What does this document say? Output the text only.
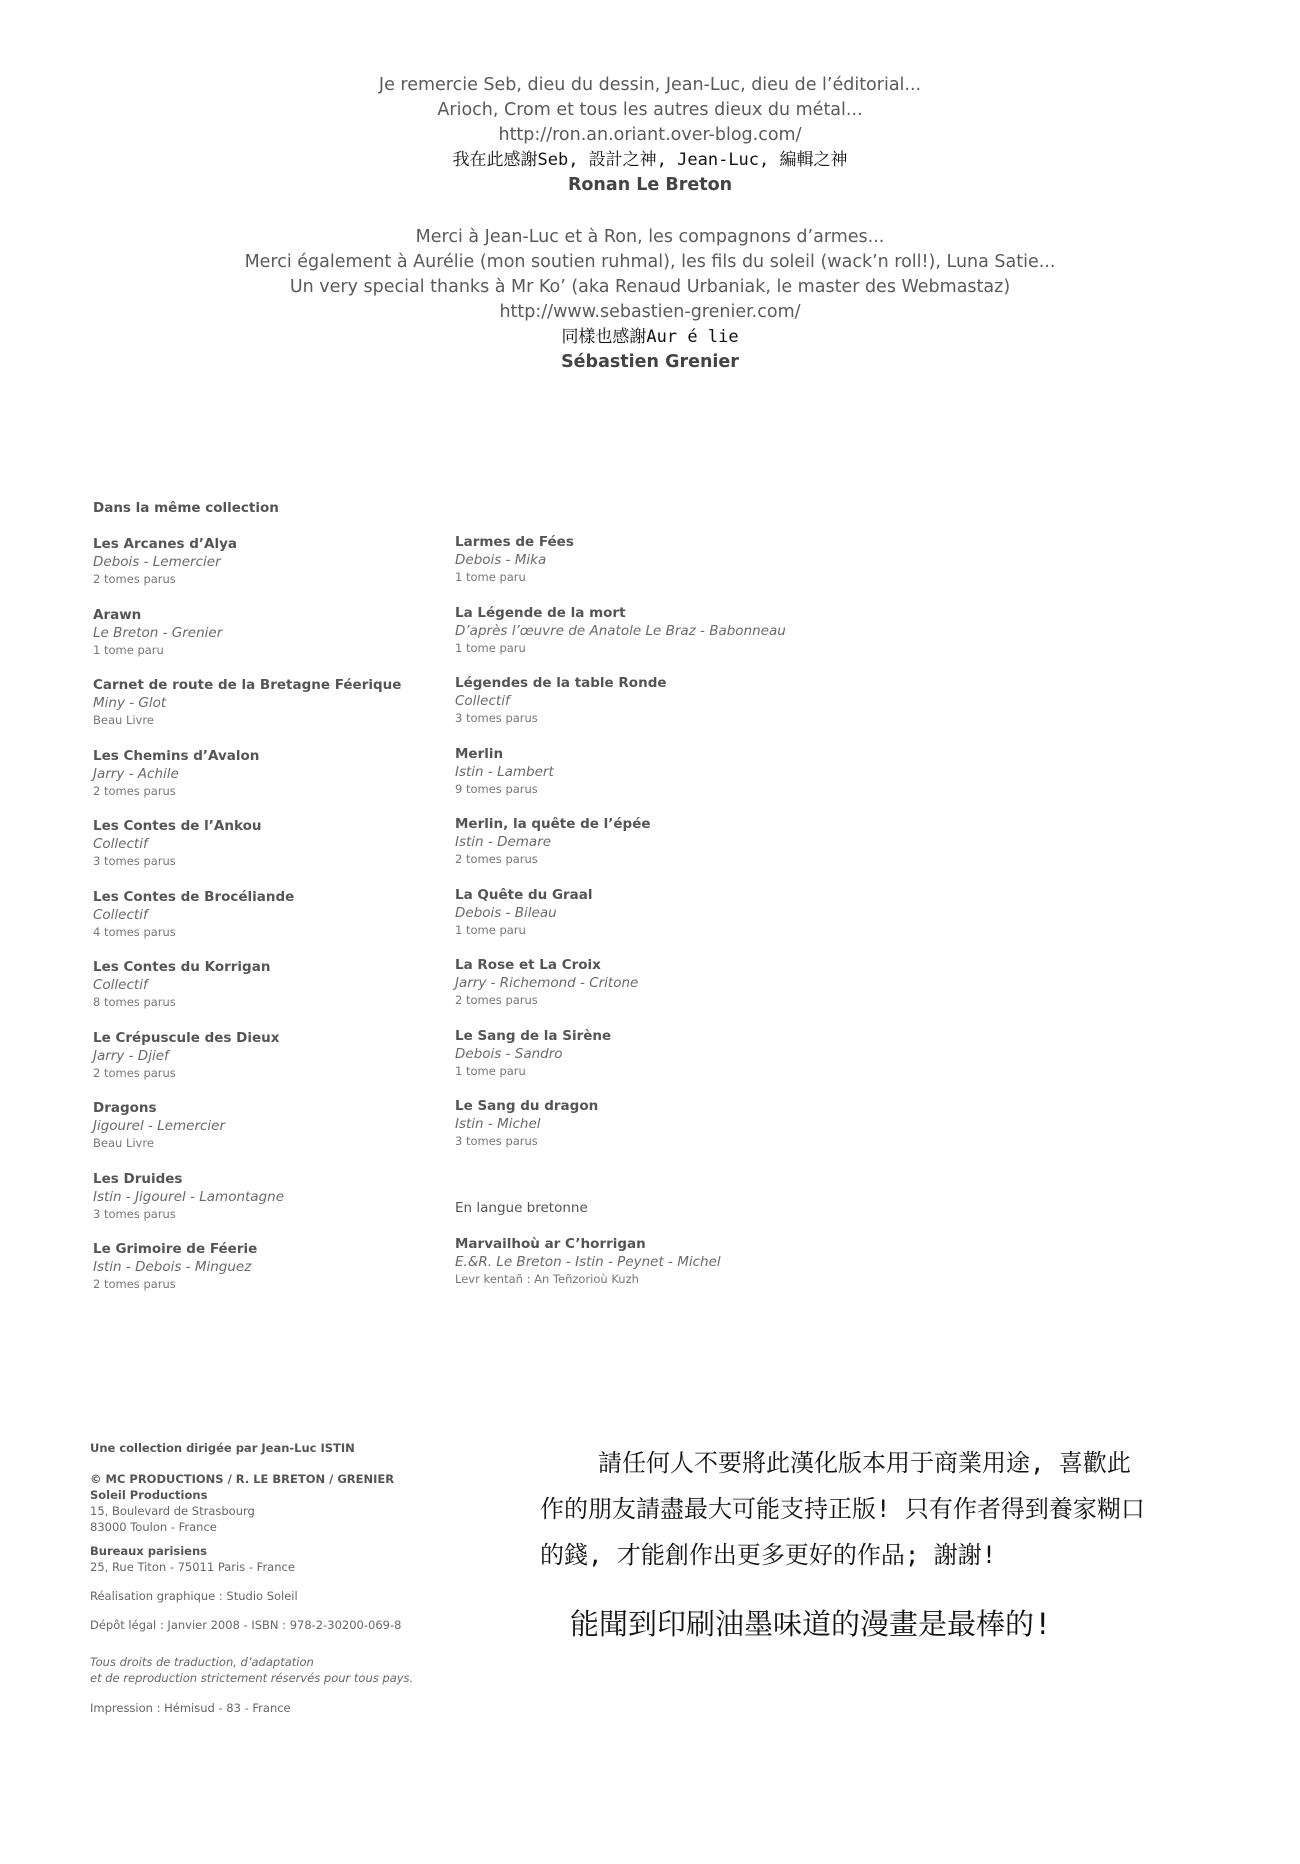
Je remercie Seb, dieu du dessin, Jean-Luc, dieu de l’éditorial...
Arioch, Crom et tous les autres dieux du métal...
http://ron.an.oriant.over-blog.com/
我在此感謝Seb, 設計之神, Jean-Luc, 編輯之神
Ronan Le Breton
Merci à Jean-Luc et à Ron, les compagnons d’armes...
Merci également à Aurélie (mon soutien ruhmal), les fils du soleil (wack’n roll!), Luna Satie...
Un very special thanks à Mr Ko’ (aka Renaud Urbaniak, le master des Webmastaz)
http://www.sebastien-grenier.com/
同樣也感謝Aur é lie
Sébastien Grenier
Dans la même collection
Les Arcanes d’Alya
Debois - Lemercier
2 tomes parus
Arawn
Le Breton - Grenier
1 tome paru
Carnet de route de la Bretagne Féerique
Miny - Glot
Beau Livre
Les Chemins d’Avalon
Jarry - Achile
2 tomes parus
Les Contes de l’Ankou
Collectif
3 tomes parus
Les Contes de Brocéliande
Collectif
4 tomes parus
Les Contes du Korrigan
Collectif
8 tomes parus
Le Crépuscule des Dieux
Jarry - Djief
2 tomes parus
Dragons
Jigourel - Lemercier
Beau Livre
Les Druides
Istin - Jigourel - Lamontagne
3 tomes parus
Le Grimoire de Féerie
Istin - Debois - Minguez
2 tomes parus
Larmes de Fées
Debois - Mika
1 tome paru
La Légende de la mort
D’après l’œuvre de Anatole Le Braz - Babonneau
1 tome paru
Légendes de la table Ronde
Collectif
3 tomes parus
Merlin
Istin - Lambert
9 tomes parus
Merlin, la quête de l’épée
Istin - Demare
2 tomes parus
La Quête du Graal
Debois - Bileau
1 tome paru
La Rose et La Croix
Jarry - Richemond - Critone
2 tomes parus
Le Sang de la Sirène
Debois - Sandro
1 tome paru
Le Sang du dragon
Istin - Michel
3 tomes parus
En langue bretonne
Marvailhoù ar C’horrigan
E.&R. Le Breton - Istin - Peynet - Michel
Levr kentañ : An Teñzorioù Kuzh
Une collection dirigée par Jean-Luc ISTIN
© MC PRODUCTIONS / R. LE BRETON / GRENIER
Soleil Productions
15, Boulevard de Strasbourg
83000 Toulon - France
Bureaux parisiens
25, Rue Titon - 75011 Paris - France
Réalisation graphique : Studio Soleil
Dépôt légal : Janvier 2008 - ISBN : 978-2-30200-069-8
Tous droits de traduction, d’adaptation
et de reproduction strictement réservés pour tous pays.
Impression : Hémisud - 83 - France
請任何人不要將此漢化版本用于商業用途, 喜歡此
作的朋友請盡最大可能支持正版! 只有作者得到養家糊口
的錢, 才能創作出更多更好的作品; 謝謝!
能聞到印刷油墨味道的漫畫是最棒的!
